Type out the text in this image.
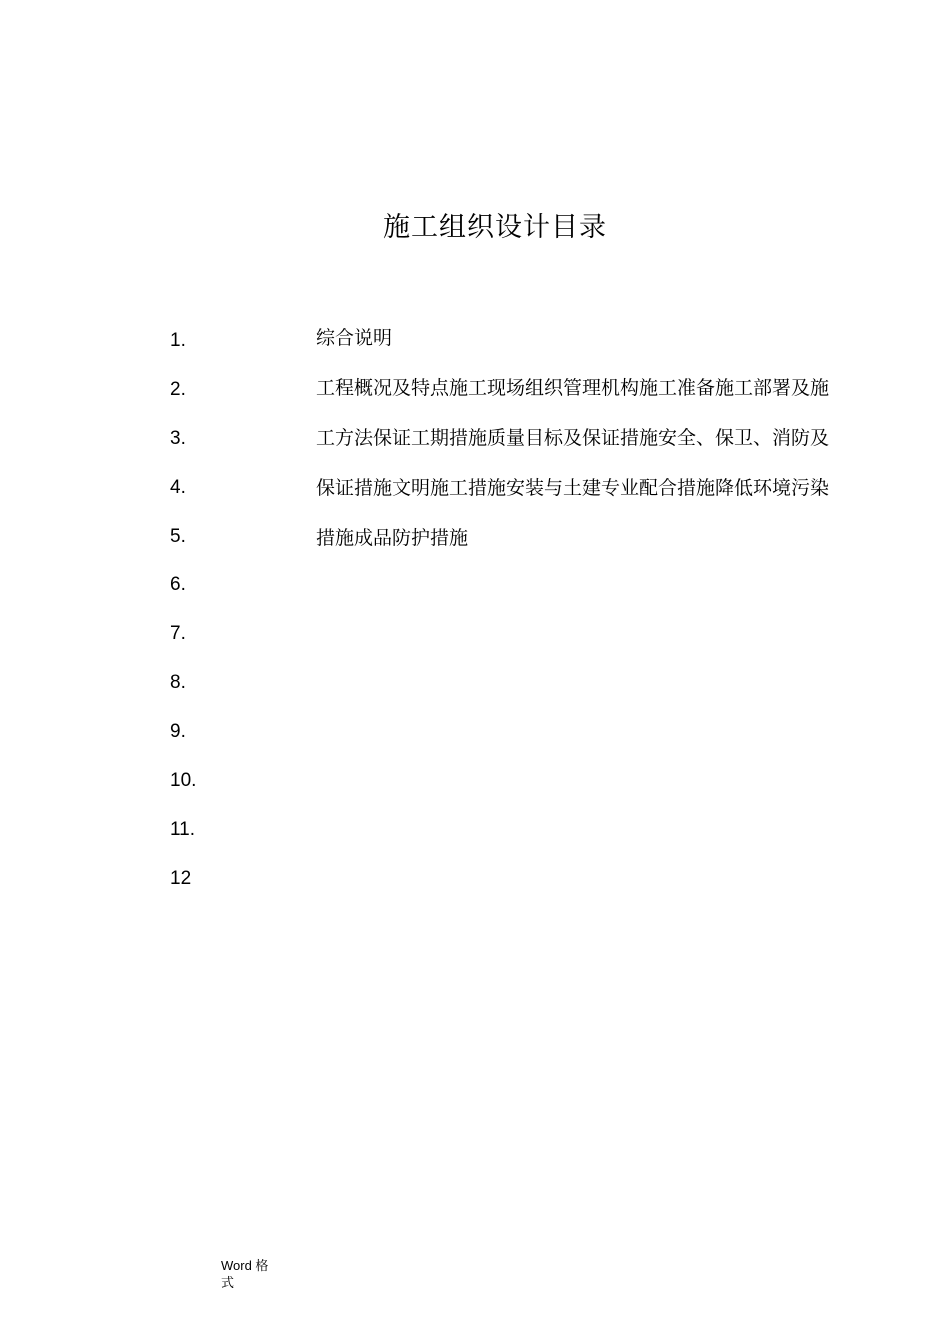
施工组织设计目录
1.
2.
3.
4.
5.
6.
7.
8.
9.
10.
11.
12
综合说明
工程概况及特点施工现场组织管理机构施工准备施工部署及施
工方法保证工期措施质量目标及保证措施安全、保卫、消防及
保证措施文明施工措施安装与土建专业配合措施降低环境污染
措施成品防护措施
Word 格
式
